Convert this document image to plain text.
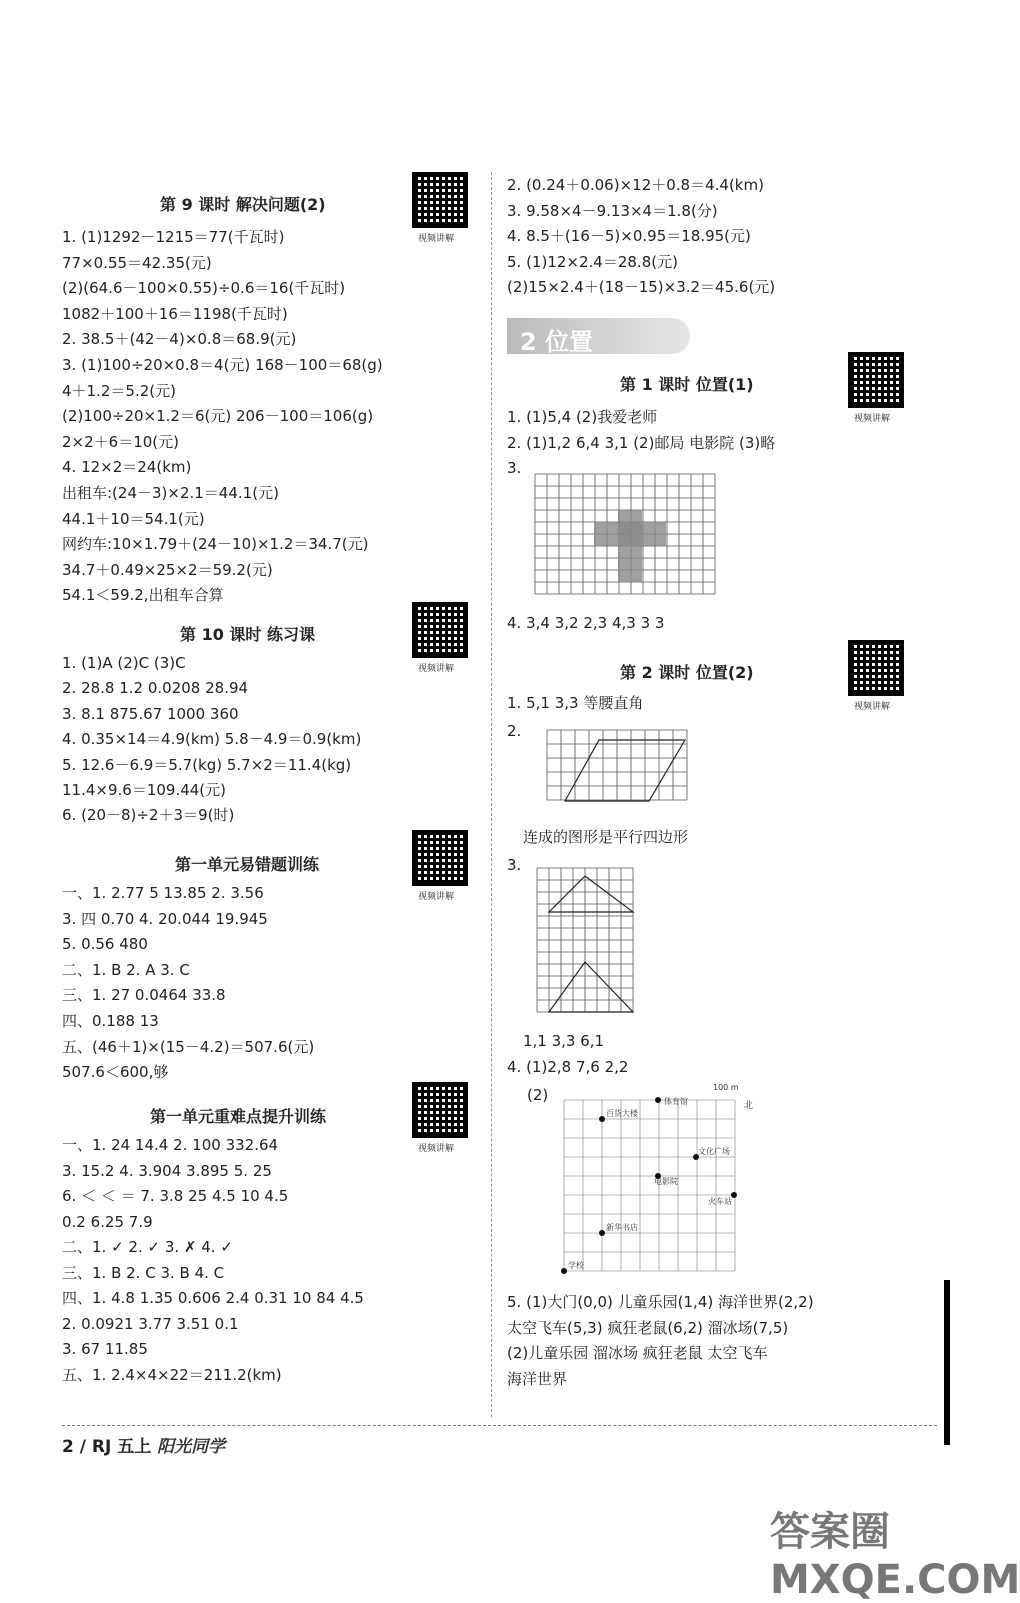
第 9 课时 解决问题(2)
视频讲解
1. (1)1292－1215＝77(千瓦时)
77×0.55＝42.35(元)
(2)(64.6－100×0.55)÷0.6＝16(千瓦时)
1082＋100＋16＝1198(千瓦时)
2. 38.5＋(42－4)×0.8＝68.9(元)
3. (1)100÷20×0.8＝4(元) 168－100＝68(g)
4＋1.2＝5.2(元)
(2)100÷20×1.2＝6(元) 206－100＝106(g)
2×2＋6＝10(元)
4. 12×2＝24(km)
出租车:(24－3)×2.1＝44.1(元)
44.1＋10＝54.1(元)
网约车:10×1.79＋(24－10)×1.2＝34.7(元)
34.7＋0.49×25×2＝59.2(元)
54.1＜59.2,出租车合算
第 10 课时 练习课
视频讲解
1. (1)A (2)C (3)C
2. 28.8 1.2 0.0208 28.94
3. 8.1 875.67 1000 360
4. 0.35×14＝4.9(km) 5.8－4.9＝0.9(km)
5. 12.6－6.9＝5.7(kg) 5.7×2＝11.4(kg)
11.4×9.6＝109.44(元)
6. (20－8)÷2＋3＝9(时)
第一单元易错题训练
视频讲解
一、1. 2.77 5 13.85 2. 3.56
3. 四 0.70 4. 20.044 19.945
5. 0.56 480
二、1. B 2. A 3. C
三、1. 27 0.0464 33.8
四、0.188 13
五、(46＋1)×(15－4.2)＝507.6(元)
507.6＜600,够
第一单元重难点提升训练
视频讲解
一、1. 24 14.4 2. 100 332.64
3. 15.2 4. 3.904 3.895 5. 25
6. ＜ ＜ ＝ 7. 3.8 25 4.5 10 4.5
0.2 6.25 7.9
二、1. ✓ 2. ✓ 3. ✗ 4. ✓
三、1. B 2. C 3. B 4. C
四、1. 4.8 1.35 0.606 2.4 0.31 10 84 4.5
2. 0.0921 3.77 3.51 0.1
3. 67 11.85
五、1. 2.4×4×22＝211.2(km)
2. (0.24＋0.06)×12＋0.8＝4.4(km)
3. 9.58×4－9.13×4＝1.8(分)
4. 8.5＋(16－5)×0.95＝18.95(元)
5. (1)12×2.4＝28.8(元)
(2)15×2.4＋(18－15)×3.2＝45.6(元)
2 位置
第 1 课时 位置(1)
视频讲解
1. (1)5,4 (2)我爱老师
2. (1)1,2 6,4 3,1 (2)邮局 电影院 (3)略
3.
4. 3,4 3,2 2,3 4,3 3 3
第 2 课时 位置(2)
视频讲解
1. 5,1 3,3 等腰直角
2.
连成的图形是平行四边形
3.
1,1 3,3 6,1
4. (1)2,8 7,6 2,2
(2)	体育馆
百货大楼
文化广场
电影院
火车站
新华书店
学校
北
100 m
5. (1)大门(0,0) 儿童乐园(1,4) 海洋世界(2,2)
太空飞车(5,3) 疯狂老鼠(6,2) 溜冰场(7,5)
(2)儿童乐园 溜冰场 疯狂老鼠 太空飞车
海洋世界
2 / RJ 五上 阳光同学
答案圈 MXQE.COM
